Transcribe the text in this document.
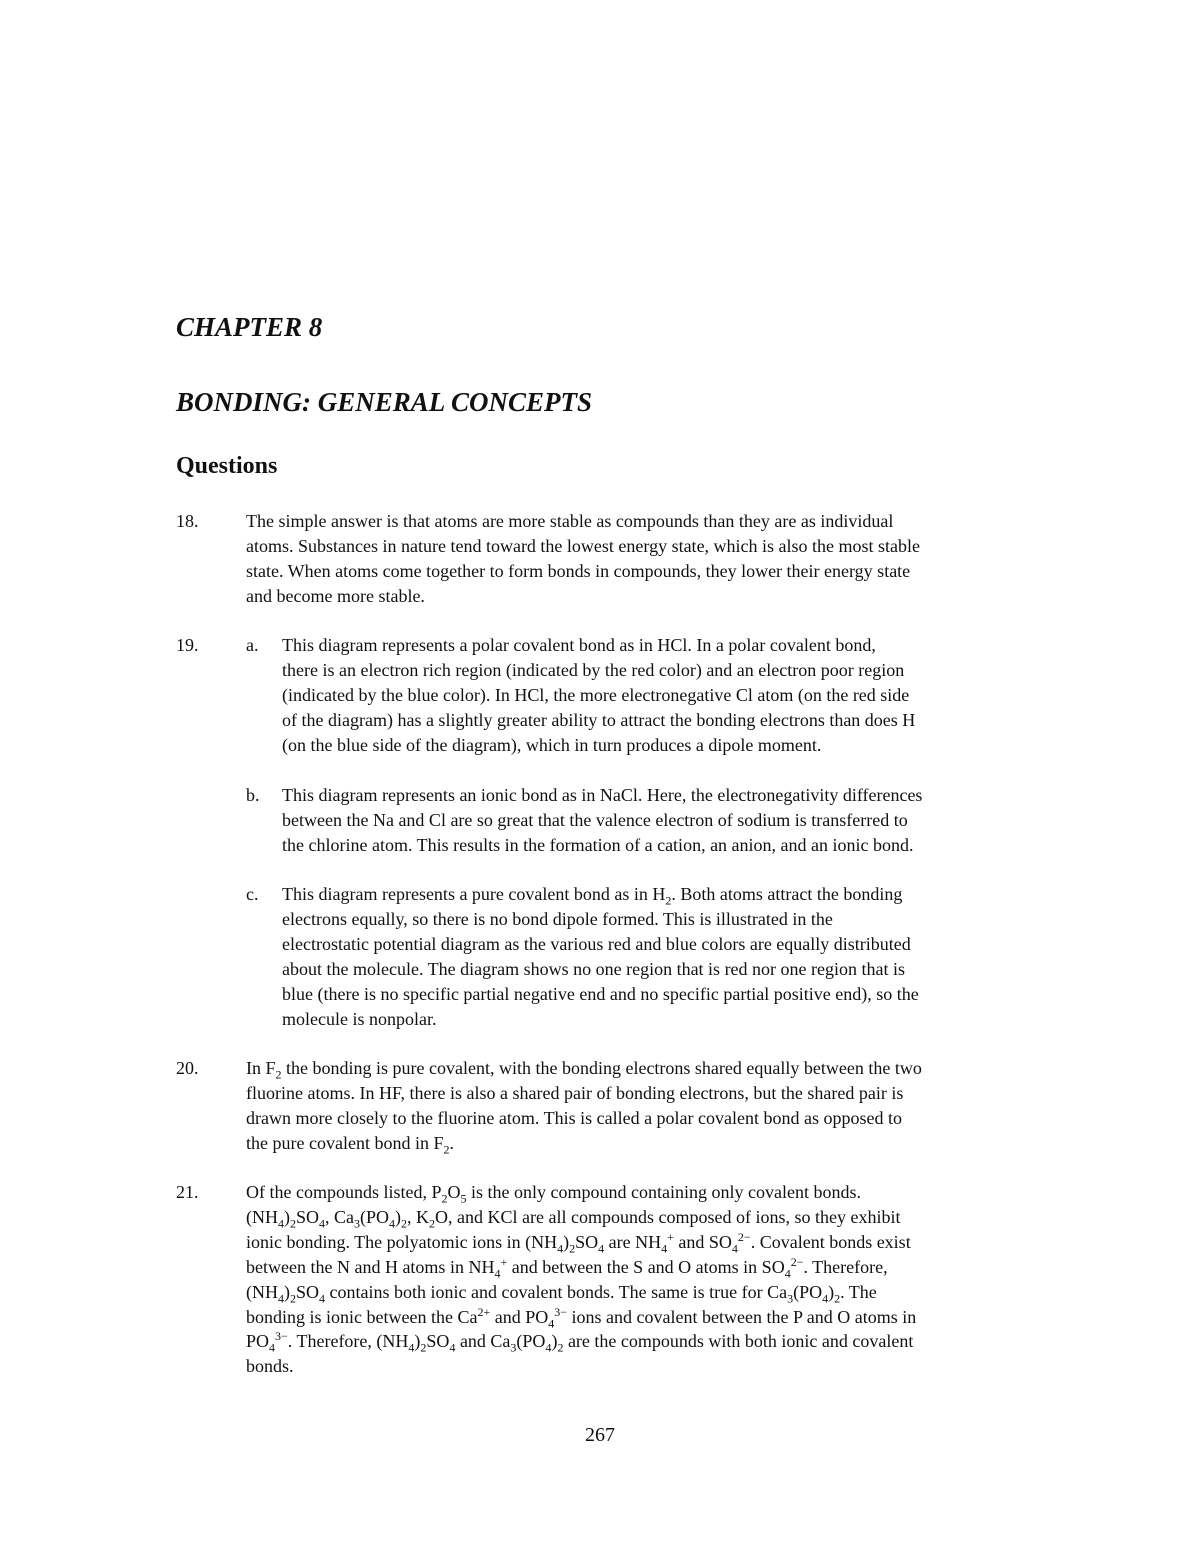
CHAPTER 8
BONDING: GENERAL CONCEPTS
Questions
18.	The simple answer is that atoms are more stable as compounds than they are as individual
atoms. Substances in nature tend toward the lowest energy state, which is also the most stable
state. When atoms come together to form bonds in compounds, they lower their energy state
and become more stable.
19.	a. This diagram represents a polar covalent bond as in HCl. In a polar covalent bond,
there is an electron rich region (indicated by the red color) and an electron poor region
(indicated by the blue color). In HCl, the more electronegative Cl atom (on the red side
of the diagram) has a slightly greater ability to attract the bonding electrons than does H
(on the blue side of the diagram), which in turn produces a dipole moment.
b. This diagram represents an ionic bond as in NaCl. Here, the electronegativity differences
between the Na and Cl are so great that the valence electron of sodium is transferred to
the chlorine atom. This results in the formation of a cation, an anion, and an ionic bond.
c. This diagram represents a pure covalent bond as in $H_2$. Both atoms attract the bonding
electrons equally, so there is no bond dipole formed. This is illustrated in the
electrostatic potential diagram as the various red and blue colors are equally distributed
about the molecule. The diagram shows no one region that is red nor one region that is
blue (there is no specific partial negative end and no specific partial positive end), so the
molecule is nonpolar.
20.	In $F_2$ the bonding is pure covalent, with the bonding electrons shared equally between the two
fluorine atoms. In HF, there is also a shared pair of bonding electrons, but the shared pair is
drawn more closely to the fluorine atom. This is called a polar covalent bond as opposed to
the pure covalent bond in $F_2$.
21.	Of the compounds listed, $P_2O_5$ is the only compound containing only covalent bonds.
$(NH_4)_2SO_4$, $Ca_3(PO_4)_2$, $K_2O$, and KCl are all compounds composed of ions, so they exhibit
ionic bonding. The polyatomic ions in $(NH_4)_2SO_4$ are $NH_4^+$ and $SO_4^{2-}$. Covalent bonds exist
between the N and H atoms in $NH_4^+$ and between the S and O atoms in $SO_4^{2-}$. Therefore,
$(NH_4)_2SO_4$ contains both ionic and covalent bonds. The same is true for $Ca_3(PO_4)_2$. The
bonding is ionic between the $Ca^{2+}$ and $PO_4^{3-}$ ions and covalent between the P and O atoms in
$PO_4^{3-}$. Therefore, $(NH_4)_2SO_4$ and $Ca_3(PO_4)_2$ are the compounds with both ionic and covalent
bonds.
267
